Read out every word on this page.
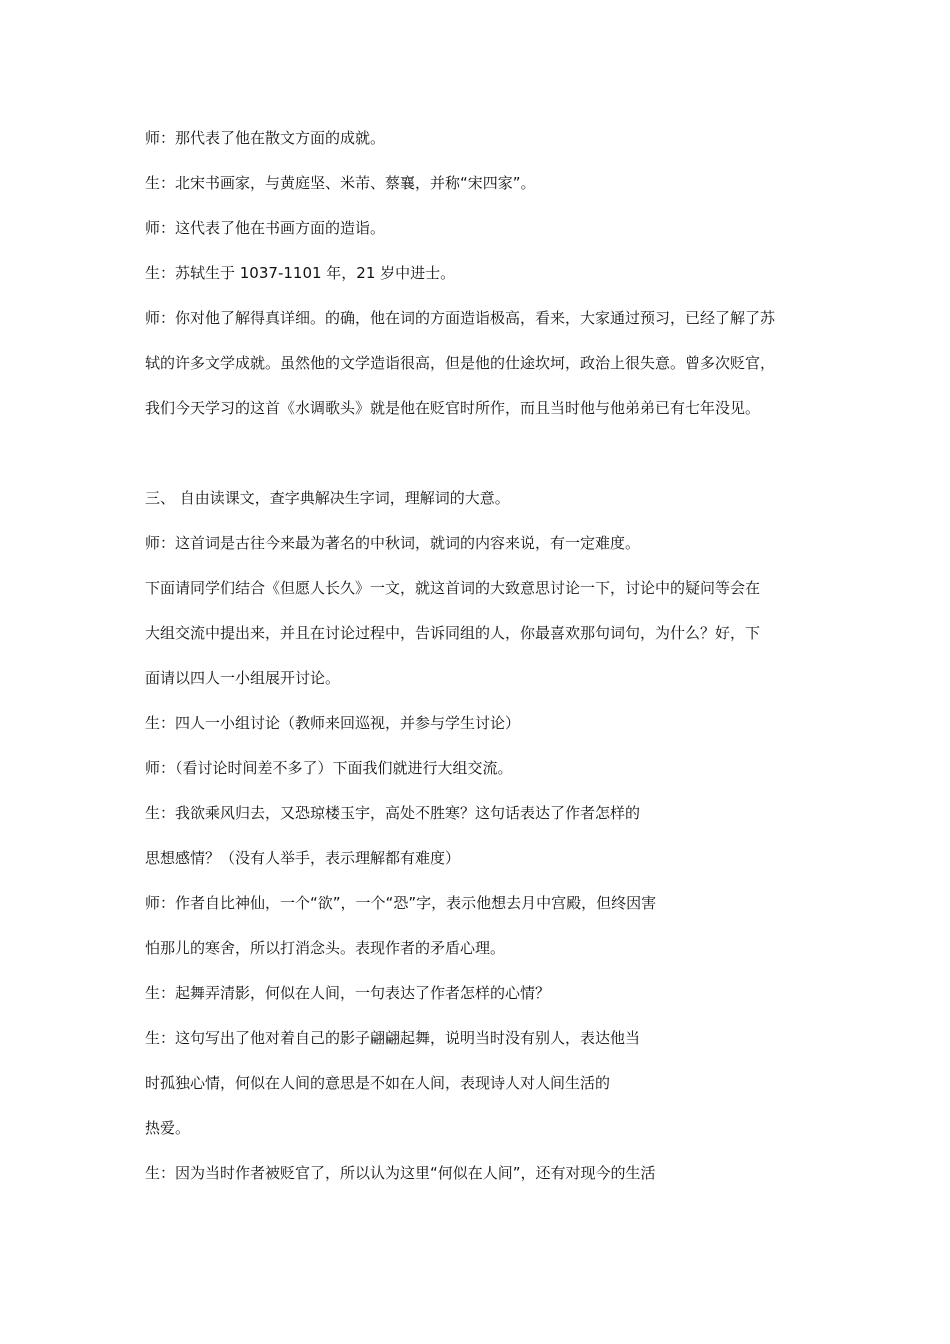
师：那代表了他在散文方面的成就。
生：北宋书画家，与黄庭坚、米芾、蔡襄，并称“宋四家”。
师：这代表了他在书画方面的造诣。
生：苏轼生于 1037-1101 年，21 岁中进士。
师：你对他了解得真详细。的确，他在词的方面造诣极高，看来，大家通过预习，已经了解了苏
轼的许多文学成就。虽然他的文学造诣很高，但是他的仕途坎坷，政治上很失意。曾多次贬官，
我们今天学习的这首《水调歌头》就是他在贬官时所作，而且当时他与他弟弟已有七年没见。
三、 自由读课文，查字典解决生字词，理解词的大意。
师：这首词是古往今来最为著名的中秋词，就词的内容来说，有一定难度。
下面请同学们结合《但愿人长久》一文，就这首词的大致意思讨论一下，讨论中的疑问等会在
大组交流中提出来，并且在讨论过程中，告诉同组的人，你最喜欢那句词句，为什么？好，下
面请以四人一小组展开讨论。
生：四人一小组讨论（教师来回巡视，并参与学生讨论）
师：（看讨论时间差不多了）下面我们就进行大组交流。
生：我欲乘风归去，又恐琼楼玉宇，高处不胜寒？这句话表达了作者怎样的
思想感情？（没有人举手，表示理解都有难度）
师：作者自比神仙，一个“欲”，一个“恐”字，表示他想去月中宫殿，但终因害
怕那儿的寒舍，所以打消念头。表现作者的矛盾心理。
生：起舞弄清影，何似在人间，一句表达了作者怎样的心情？
生：这句写出了他对着自己的影子翩翩起舞，说明当时没有别人，表达他当
时孤独心情，何似在人间的意思是不如在人间，表现诗人对人间生活的
热爱。
生：因为当时作者被贬官了，所以认为这里“何似在人间”，还有对现今的生活
